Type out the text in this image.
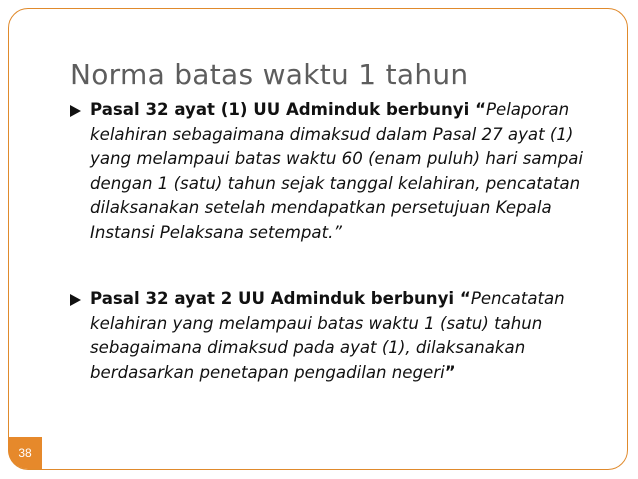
Norma batas waktu 1 tahun
Pasal 32 ayat (1) UU Adminduk berbunyi “Pelaporan kelahiran sebagaimana dimaksud dalam Pasal 27 ayat (1) yang melampaui batas waktu 60 (enam puluh) hari sampai dengan 1 (satu) tahun sejak tanggal kelahiran, pencatatan dilaksanakan setelah mendapatkan persetujuan Kepala Instansi Pelaksana setempat.”
Pasal 32 ayat 2 UU Adminduk berbunyi “Pencatatan kelahiran yang melampaui batas waktu 1 (satu) tahun sebagaimana dimaksud pada ayat (1), dilaksanakan berdasarkan penetapan pengadilan negeri”
38
